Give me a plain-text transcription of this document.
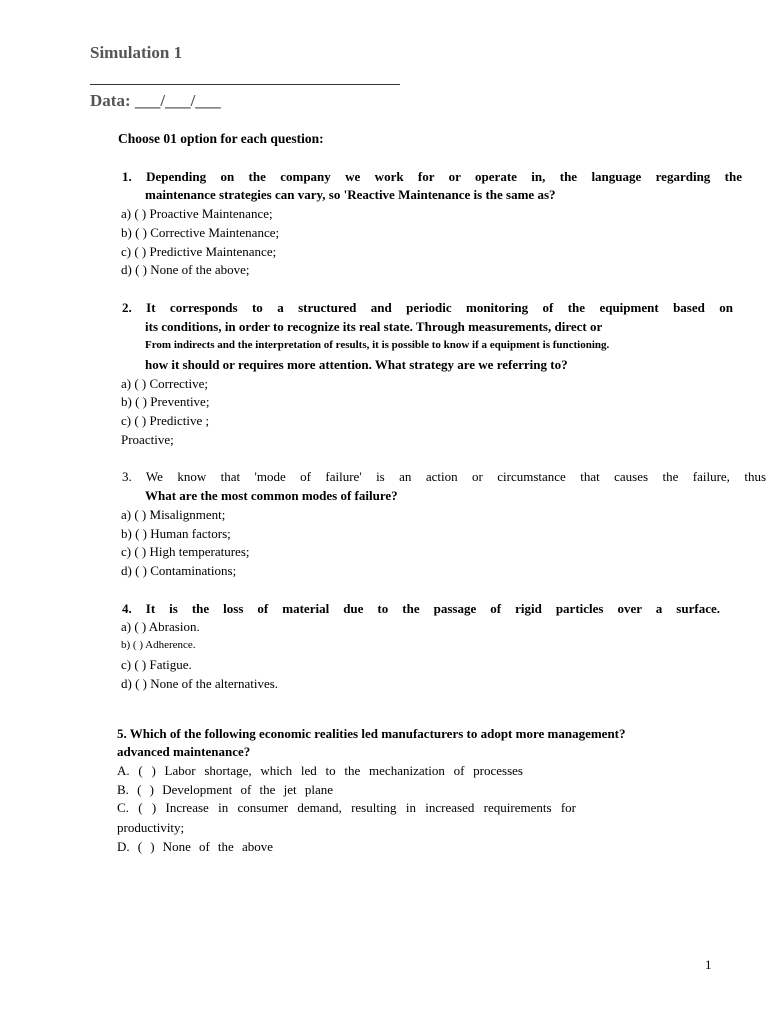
Simulation 1
Data: ___/___/___
Choose 01 option for each question:
1. Depending on the company we work for or operate in, the language regarding the
maintenance strategies can vary, so 'Reactive Maintenance is the same as?
a) ( ) Proactive Maintenance;
b) ( ) Corrective Maintenance;
c) ( ) Predictive Maintenance;
d) ( ) None of the above;
2. It corresponds to a structured and periodic monitoring of the equipment based on
its conditions, in order to recognize its real state. Through measurements, direct or
From indirects and the interpretation of results, it is possible to know if a equipment is functioning.
how it should or requires more attention. What strategy are we referring to?
a) ( ) Corrective;
b) ( ) Preventive;
c) ( ) Predictive ;
Proactive;
3. We know that 'mode of failure' is an action or circumstance that causes the failure, thus
What are the most common modes of failure?
a) ( ) Misalignment;
b) ( ) Human factors;
c) ( ) High temperatures;
d) ( ) Contaminations;
4. It is the loss of material due to the passage of rigid particles over a surface.
a) ( ) Abrasion.
b) ( ) Adherence.
c) ( ) Fatigue.
d) ( ) None of the alternatives.
5. Which of the following economic realities led manufacturers to adopt more management?
advanced maintenance?
A. ( ) Labor shortage, which led to the mechanization of processes
B. ( ) Development of the jet plane
C. ( ) Increase in consumer demand, resulting in increased requirements for
productivity;
D. ( ) None of the above
1
